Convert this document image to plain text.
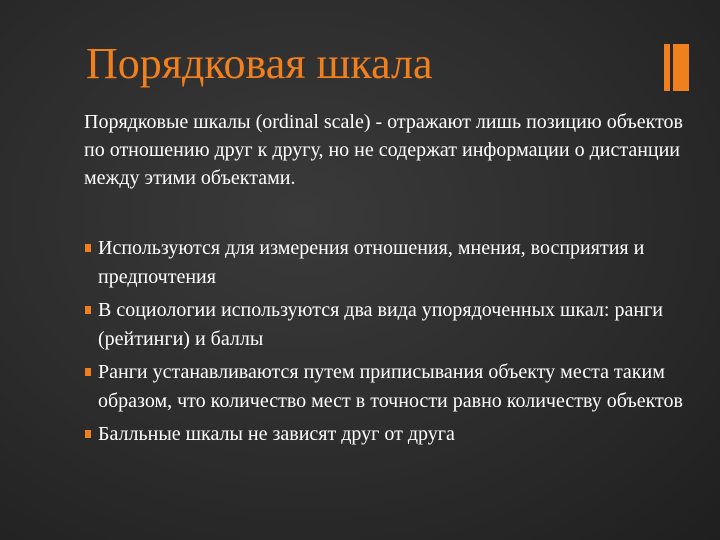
Порядковая шкала

Порядковые шкалы (ordinal scale) - отражают лишь позицию объектов по отношению друг к другу, но не содержат информации о дистанции между этими объектами.

Используются для измерения отношения, мнения, восприятия и предпочтения
В социологии используются два вида упорядоченных шкал: ранги (рейтинги) и баллы
Ранги устанавливаются путем приписывания объекту места таким образом, что количество мест в точности равно количеству объектов
Балльные шкалы не зависят друг от друга
